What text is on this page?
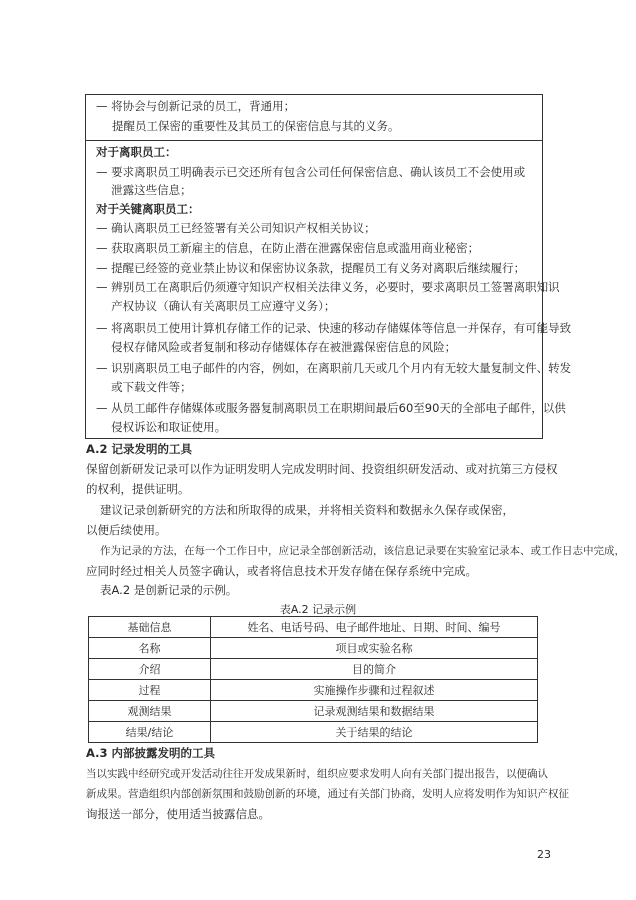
— 将协会与创新记录的员工，背通用；
提醒员工保密的重要性及其员工的保密信息与其的义务。
对于离职员工：
— 要求离职员工明确表示已交还所有包含公司任何保密信息、确认该员工不会使用或
　 泄露这些信息；
对于关键离职员工：
— 确认离职员工已经签署有关公司知识产权相关协议；
— 获取离职员工新雇主的信息，在防止潜在泄露保密信息或滥用商业秘密；
— 提醒已经签的竞业禁止协议和保密协议条款，提醒员工有义务对离职后继续履行；
— 辨别员工在离职后仍须遵守知识产权相关法律义务，必要时，要求离职员工签署离职知识
　 产权协议（确认有关离职员工应遵守义务）；
— 将离职员工使用计算机存储工作的记录、快速的移动存储媒体等信息一并保存，有可能导致
　 侵权存储风险或者复制和移动存储媒体存在被泄露保密信息的风险；
— 识别离职员工电子邮件的内容，例如，在离职前几天或几个月内有无较大量复制文件、转发
　 或下载文件等；
— 从员工邮件存储媒体或服务器复制离职员工在职期间最后60至90天的全部电子邮件，以供
　 侵权诉讼和取证使用。
A.2 记录发明的工具
保留创新研发记录可以作为证明发明人完成发明时间、投资组织研发活动、或对抗第三方侵权
的权利，提供证明。
建议记录创新研究的方法和所取得的成果，并将相关资料和数据永久保存或保密，
以便后续使用。
作为记录的方法，在每一个工作日中，应记录全部创新活动，该信息记录要在实验室记录本、或工作日志中完成，
应同时经过相关人员签字确认，或者将信息技术开发存储在保存系统中完成。
表A.2 是创新记录的示例。
表A.2 记录示例
基础信息	姓名、电话号码、电子邮件地址、日期、时间、编号
名称	项目或实验名称
介绍	目的简介
过程	实施操作步骤和过程叙述
观测结果	记录观测结果和数据结果
结果/结论	关于结果的结论
A.3 内部披露发明的工具
当以实践中经研究或开发活动往往开发成果新时，组织应要求发明人向有关部门提出报告，以便确认
新成果。营造组织内部创新氛围和鼓励创新的环境，通过有关部门协商，发明人应将发明作为知识产权征
询报送一部分，使用适当披露信息。
23
